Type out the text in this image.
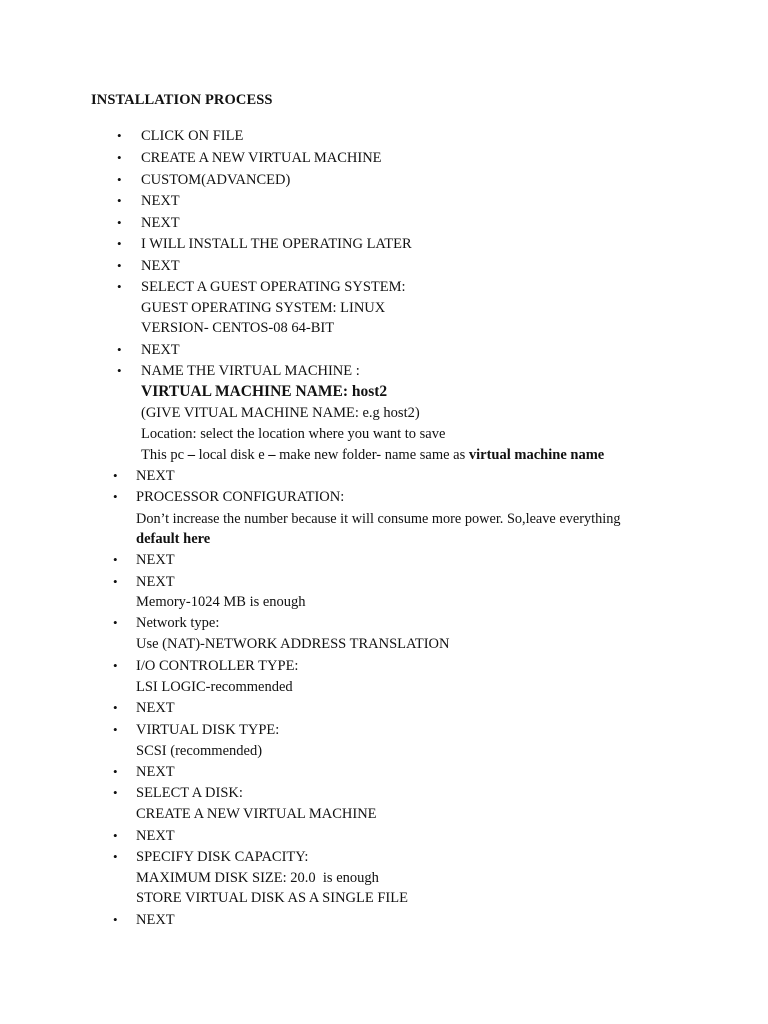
INSTALLATION PROCESS
• CLICK ON FILE
• CREATE A NEW VIRTUAL MACHINE
• CUSTOM(ADVANCED)
• NEXT
• NEXT
• I WILL INSTALL THE OPERATING LATER
• NEXT
• SELECT A GUEST OPERATING SYSTEM:
GUEST OPERATING SYSTEM: LINUX
VERSION- CENTOS-08 64-BIT
• NEXT
• NAME THE VIRTUAL MACHINE :
VIRTUAL MACHINE NAME: host2
(GIVE VITUAL MACHINE NAME: e.g host2)
Location: select the location where you want to save
This pc – local disk e – make new folder- name same as virtual machine name
• NEXT
• PROCESSOR CONFIGURATION:
Don’t increase the number because it will consume more power. So,leave everything
default here
• NEXT
• NEXT
Memory-1024 MB is enough
• Network type:
Use (NAT)-NETWORK ADDRESS TRANSLATION
• I/O CONTROLLER TYPE:
LSI LOGIC-recommended
• NEXT
• VIRTUAL DISK TYPE:
SCSI (recommended)
• NEXT
• SELECT A DISK:
CREATE A NEW VIRTUAL MACHINE
• NEXT
• SPECIFY DISK CAPACITY:
MAXIMUM DISK SIZE: 20.0  is enough
STORE VIRTUAL DISK AS A SINGLE FILE
• NEXT
